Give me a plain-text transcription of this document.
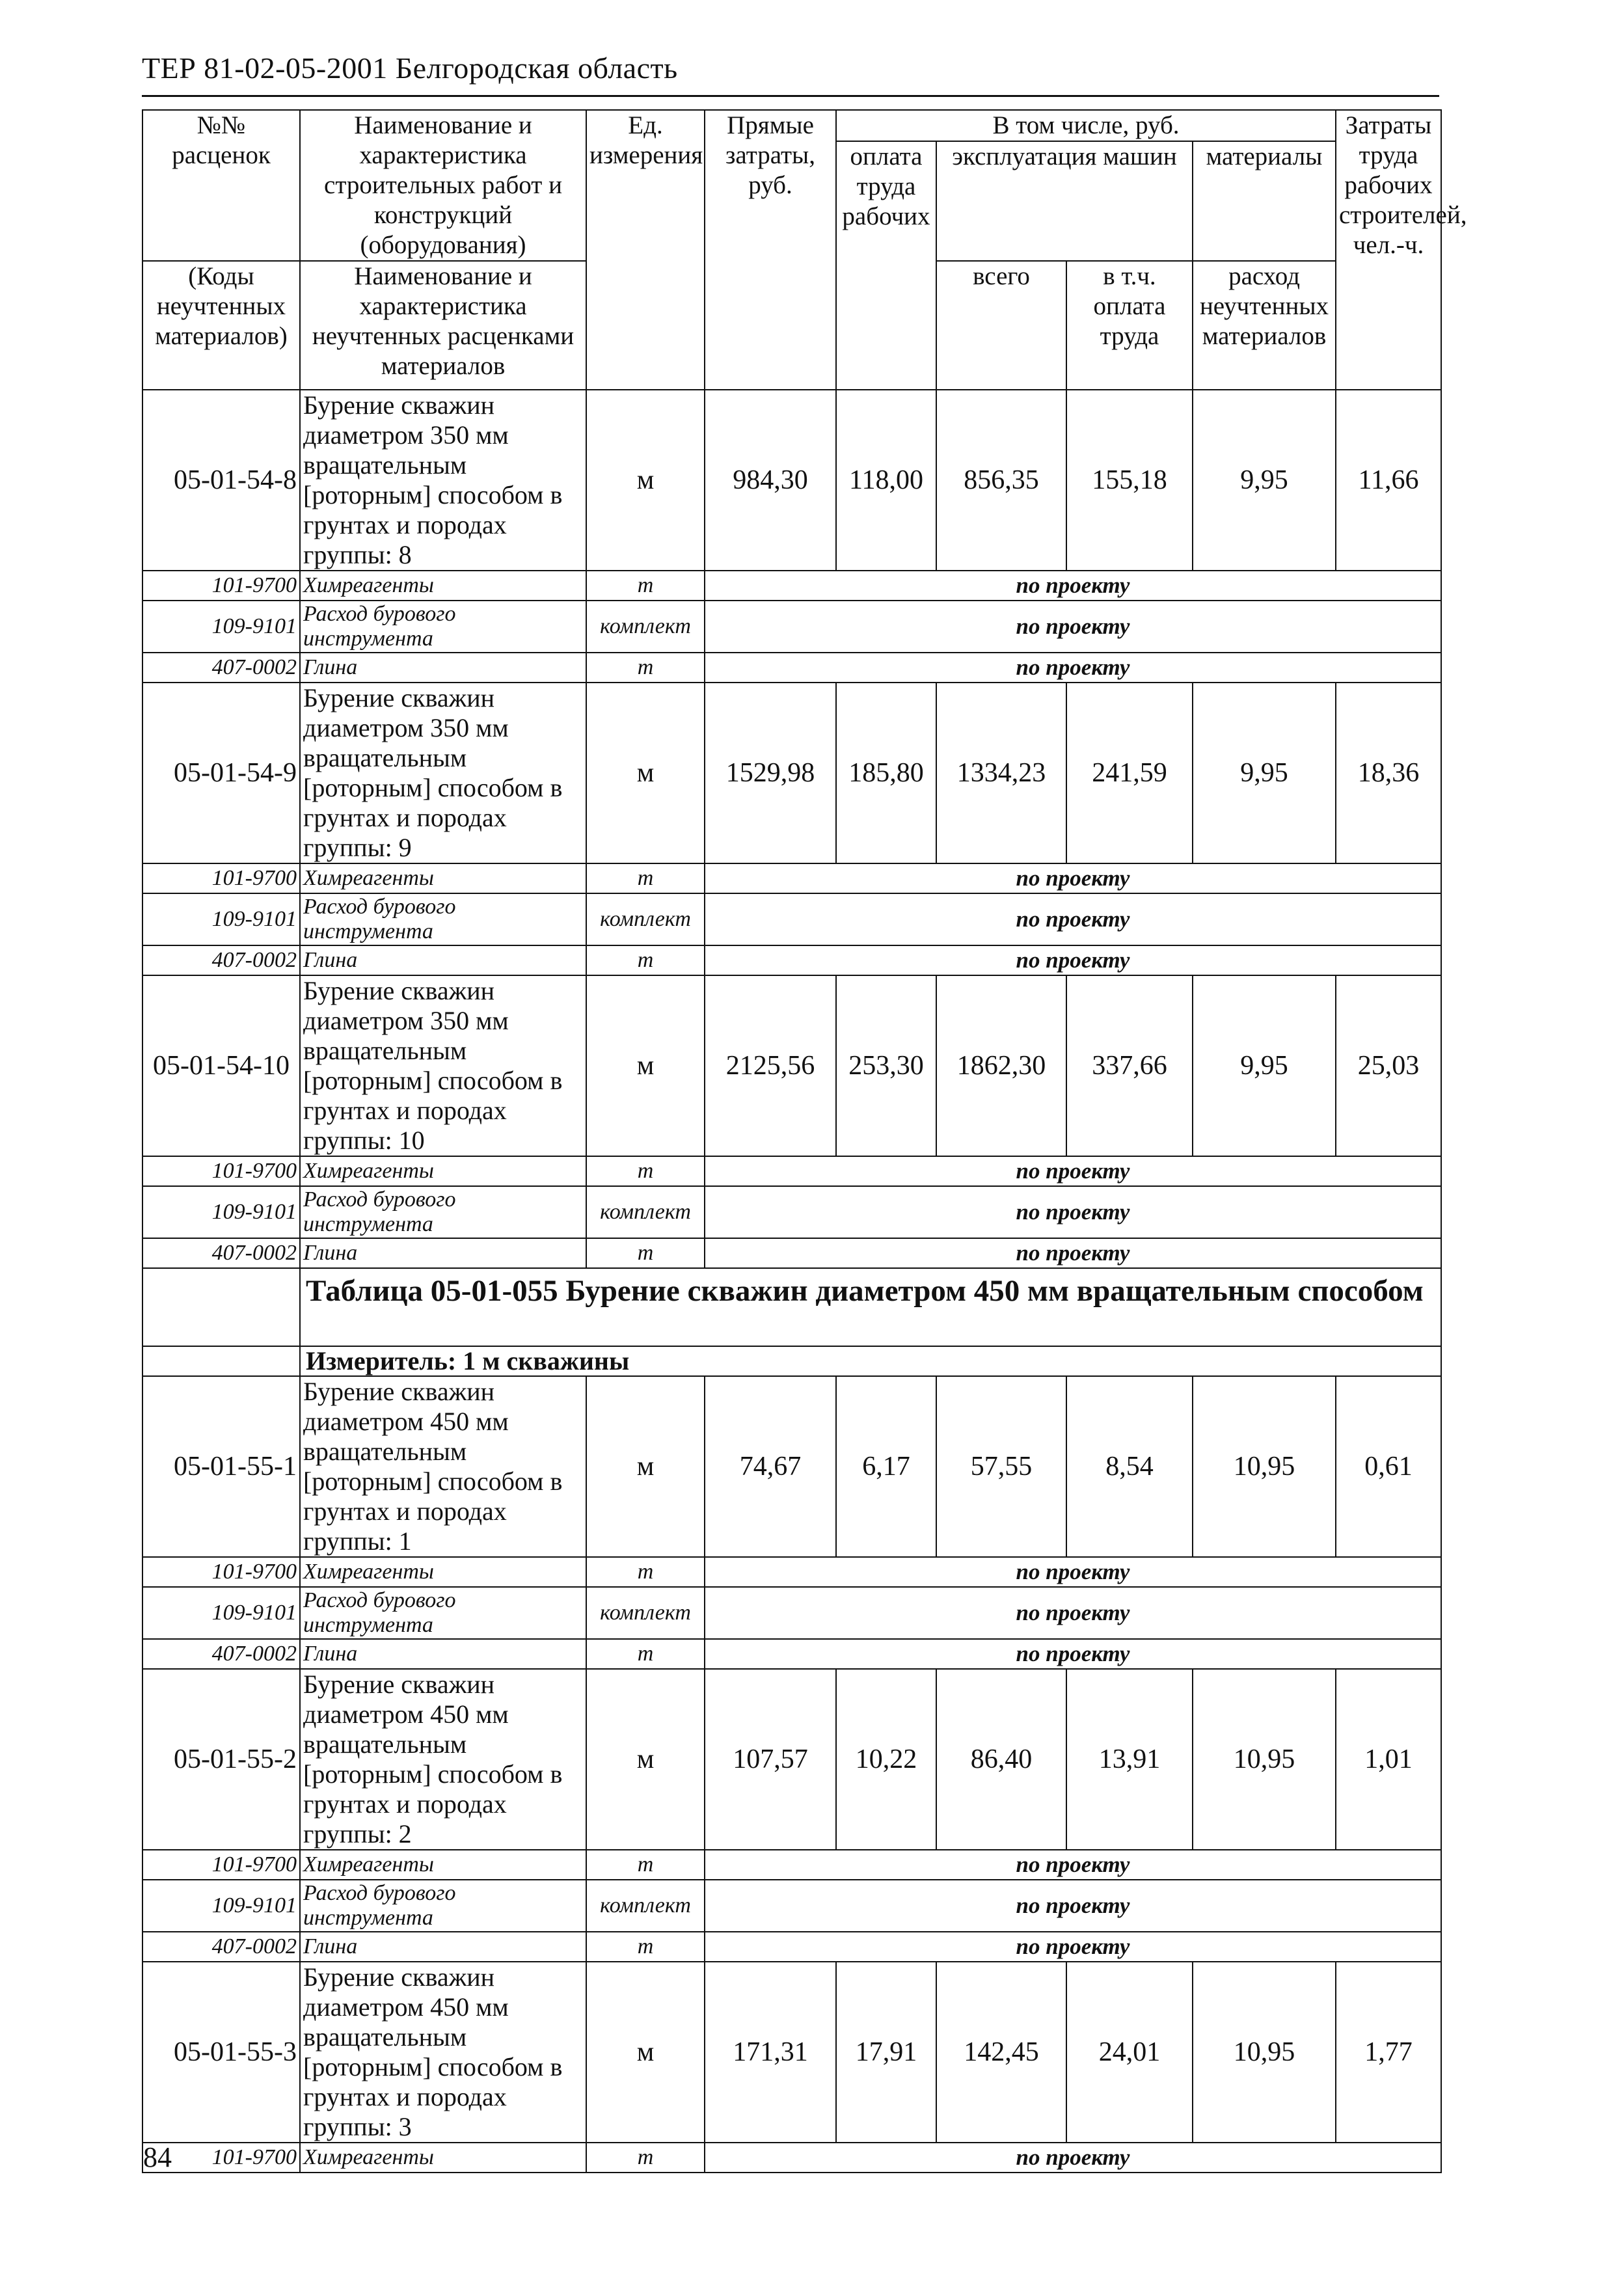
ТЕР 81-02-05-2001 Белгородская область
№№ расценок	Наименование и характеристика строительных работ и конструкций (оборудования)	Ед. измерения	Прямые затраты, руб.	В том числе, руб.				Затраты труда рабочих строителей, чел.-ч.
				оплата труда рабочих	эксплуатация машин		материалы	
(Коды неучтенных материалов)	Наименование и характеристика неучтенных расценками материалов				всего	в т.ч. оплата труда	расход неучтенных материалов	

05-01-54-8	Бурение скважин диаметром 350 мм вращательным [роторным] способом в грунтах и породах группы: 8	м	984,30	118,00	856,35	155,18	9,95	11,66
101-9700	Химреагенты	т	по проекту					
109-9101	Расход бурового инструмента	комплект	по проекту					
407-0002	Глина	т	по проекту					
05-01-54-9	Бурение скважин диаметром 350 мм вращательным [роторным] способом в грунтах и породах группы: 9	м	1529,98	185,80	1334,23	241,59	9,95	18,36
101-9700	Химреагенты	т	по проекту					
109-9101	Расход бурового инструмента	комплект	по проекту					
407-0002	Глина	т	по проекту					
05-01-54-10	Бурение скважин диаметром 350 мм вращательным [роторным] способом в грунтах и породах группы: 10	м	2125,56	253,30	1862,30	337,66	9,95	25,03
101-9700	Химреагенты	т	по проекту					
109-9101	Расход бурового инструмента	комплект	по проекту					
407-0002	Глина	т	по проекту					
	Таблица 05-01-055 Бурение скважин диаметром 450 мм вращательным способом							
	Измеритель: 1 м скважины							
05-01-55-1	Бурение скважин диаметром 450 мм вращательным [роторным] способом в грунтах и породах группы: 1	м	74,67	6,17	57,55	8,54	10,95	0,61
101-9700	Химреагенты	т	по проекту					
109-9101	Расход бурового инструмента	комплект	по проекту					
407-0002	Глина	т	по проекту					
05-01-55-2	Бурение скважин диаметром 450 мм вращательным [роторным] способом в грунтах и породах группы: 2	м	107,57	10,22	86,40	13,91	10,95	1,01
101-9700	Химреагенты	т	по проекту					
109-9101	Расход бурового инструмента	комплект	по проекту					
407-0002	Глина	т	по проекту					
05-01-55-3	Бурение скважин диаметром 450 мм вращательным [роторным] способом в грунтах и породах группы: 3	м	171,31	17,91	142,45	24,01	10,95	1,77
101-9700	Химреагенты	т	по проекту					
84
